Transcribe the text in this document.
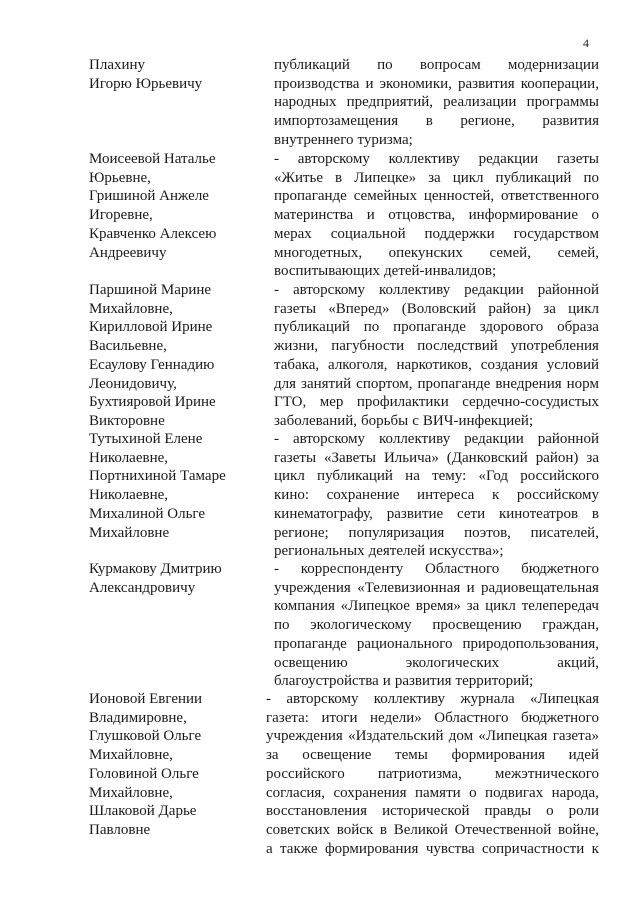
4
Плахину
Игорю Юрьевичу
публикаций по вопросам модернизации
производства и экономики, развития кооперации,
народных предприятий, реализации программы
импортозамещения в регионе, развития
внутреннего туризма;
Моисеевой Наталье
Юрьевне,
Гришиной Анжеле
Игоревне,
Кравченко Алексею
Андреевичу
- авторскому коллективу редакции газеты
«Житье в Липецке» за цикл публикаций по
пропаганде семейных ценностей, ответственного
материнства и отцовства, информирование о
мерах социальной поддержки государством
многодетных, опекунских семей, семей,
воспитывающих детей-инвалидов;
Паршиной Марине
Михайловне,
Кирилловой Ирине
Васильевне,
Есаулову Геннадию
Леонидовичу,
Бухтияровой Ирине
Викторовне
- авторскому коллективу редакции районной
газеты «Вперед» (Воловский район) за цикл
публикаций по пропаганде здорового образа
жизни, пагубности последствий употребления
табака, алкоголя, наркотиков, создания условий
для занятий спортом, пропаганде внедрения норм
ГТО, мер профилактики сердечно-сосудистых
заболеваний, борьбы с ВИЧ-инфекцией;
Тутыхиной Елене
Николаевне,
Портнихиной Тамаре
Николаевне,
Михалиной Ольге
Михайловне
- авторскому коллективу редакции районной
газеты «Заветы Ильича» (Данковский район) за
цикл публикаций на тему: «Год российского
кино: сохранение интереса к российскому
кинематографу, развитие сети кинотеатров в
регионе; популяризация поэтов, писателей,
региональных деятелей искусства»;
Курмакову Дмитрию
Александровичу
- корреспонденту Областного бюджетного
учреждения «Телевизионная и радиовещательная
компания «Липецкое время» за цикл телепередач
по экологическому просвещению граждан,
пропаганде рационального природопользования,
освещению	экологических	акций,
благоустройства и развития территорий;
Ионовой Евгении
Владимировне,
Глушковой Ольге
Михайловне,
Головиной Ольге
Михайловне,
Шлаковой Дарье
Павловне
- авторскому коллективу журнала «Липецкая
газета: итоги недели» Областного бюджетного
учреждения «Издательский дом «Липецкая газета»
за освещение темы формирования идей
российского патриотизма, межэтнического
согласия, сохранения памяти о подвигах народа,
восстановления исторической правды о роли
советских войск в Великой Отечественной войне,
а также формирования чувства сопричастности к
